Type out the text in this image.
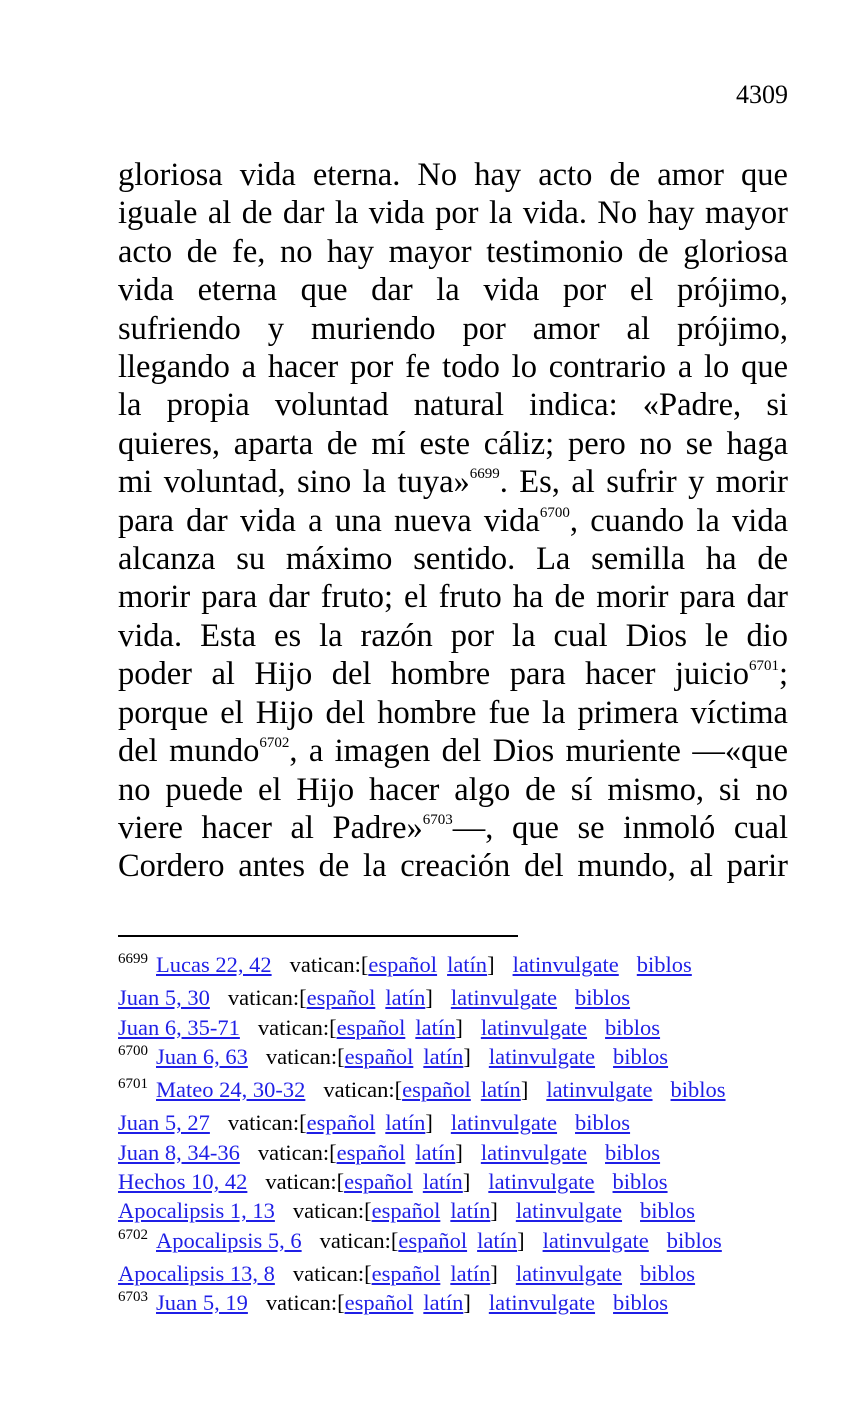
4309
gloriosa vida eterna. No hay acto de amor que
iguale al de dar la vida por la vida. No hay mayor
acto de fe, no hay mayor testimonio de gloriosa
vida eterna que dar la vida por el prójimo,
sufriendo y muriendo por amor al prójimo,
llegando a hacer por fe todo lo contrario a lo que
la propia voluntad natural indica: «Padre, si
quieres, aparta de mí este cáliz; pero no se haga
mi voluntad, sino la tuya»$^{6699}$. Es, al sufrir y morir
para dar vida a una nueva vida$^{6700}$, cuando la vida
alcanza su máximo sentido. La semilla ha de
morir para dar fruto; el fruto ha de morir para dar
vida. Esta es la razón por la cual Dios le dio
poder al Hijo del hombre para hacer juicio$^{6701}$;
porque el Hijo del hombre fue la primera víctima
del mundo$^{6702}$, a imagen del Dios muriente —«que
no puede el Hijo hacer algo de sí mismo, si no
viere hacer al Padre»$^{6703}$—, que se inmoló cual
Cordero antes de la creación del mundo, al parir
$^{6699}$ Lucas 22, 42 vatican:[español latín] latinvulgate biblos
Juan 5, 30 vatican:[español latín] latinvulgate biblos
Juan 6, 35-71 vatican:[español latín] latinvulgate biblos
$^{6700}$ Juan 6, 63 vatican:[español latín] latinvulgate biblos
$^{6701}$ Mateo 24, 30-32 vatican:[español latín] latinvulgate biblos
Juan 5, 27 vatican:[español latín] latinvulgate biblos
Juan 8, 34-36 vatican:[español latín] latinvulgate biblos
Hechos 10, 42 vatican:[español latín] latinvulgate biblos
Apocalipsis 1, 13 vatican:[español latín] latinvulgate biblos
$^{6702}$ Apocalipsis 5, 6 vatican:[español latín] latinvulgate biblos
Apocalipsis 13, 8 vatican:[español latín] latinvulgate biblos
$^{6703}$ Juan 5, 19 vatican:[español latín] latinvulgate biblos
